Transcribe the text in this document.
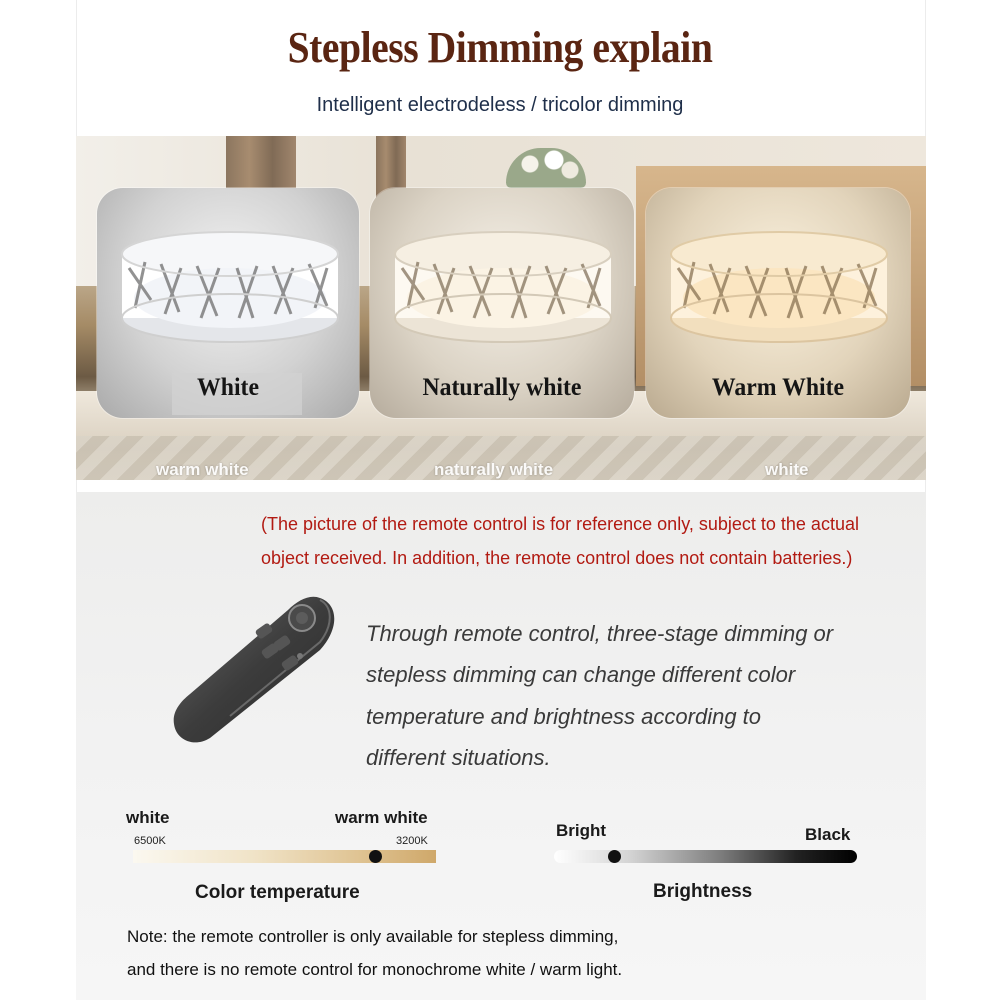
Stepless Dimming explain
Intelligent electrodeless / tricolor dimming
White	Naturally white	Warm White
warm white	naturally white	white
(The picture of the remote control is for reference only, subject to the actual
object received. In addition, the remote control does not contain batteries.)
Through remote control, three-stage dimming or
stepless dimming can change different color
temperature and brightness according to
different situations.
white	warm white
6500K	3200K
Color temperature
Bright	Black
Brightness
Note: the remote controller is only available for stepless dimming,
and there is no remote control for monochrome white / warm light.
